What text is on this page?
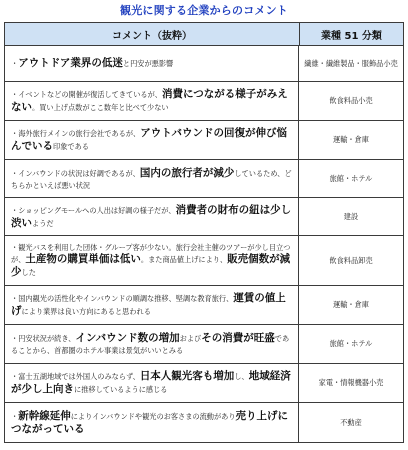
観光に関する企業からのコメント
コメント（抜粋）	業種 51 分類
・アウトドア業界の低迷と円安が悪影響	繊維・繊維製品・服飾品小売
・イベントなどの開催が復活してきているが、消費につながる様子がみえない。買い上げ点数がここ数年と比べて少ない
飲食料品小売
・海外旅行メインの旅行会社であるが、アウトバウンドの回復が伸び悩んでいる印象である
運輸・倉庫
・インバウンドの状況は好調であるが、国内の旅行者が減少しているため、どちらかといえば悪い状況
旅館・ホテル
・ショッピングモールへの人出は好調の様子だが、消費者の財布の紐は少し渋いようだ
建設
・観光バスを利用した団体・グループ客が少ない。旅行会社主催のツアーが少し目立つが、土産物の購買単価は低い。また商品値上げにより、販売個数が減少した
飲食料品卸売
・国内観光の活性化やインバウンドの順調な推移、堅調な教育旅行、運賃の値上げにより業界は良い方向にあると思われる
運輸・倉庫
・円安状況が続き、インバウンド数の増加およびその消費が旺盛であることから、首都圏のホテル事業は景気がいいとみる
旅館・ホテル
・富士五湖地域では外国人のみならず、日本人観光客も増加し、地域経済が少し上向きに推移しているように感じる
家電・情報機器小売
・新幹線延伸によりインバウンドや観光のお客さまの流動があり売り上げにつながっている
不動産
